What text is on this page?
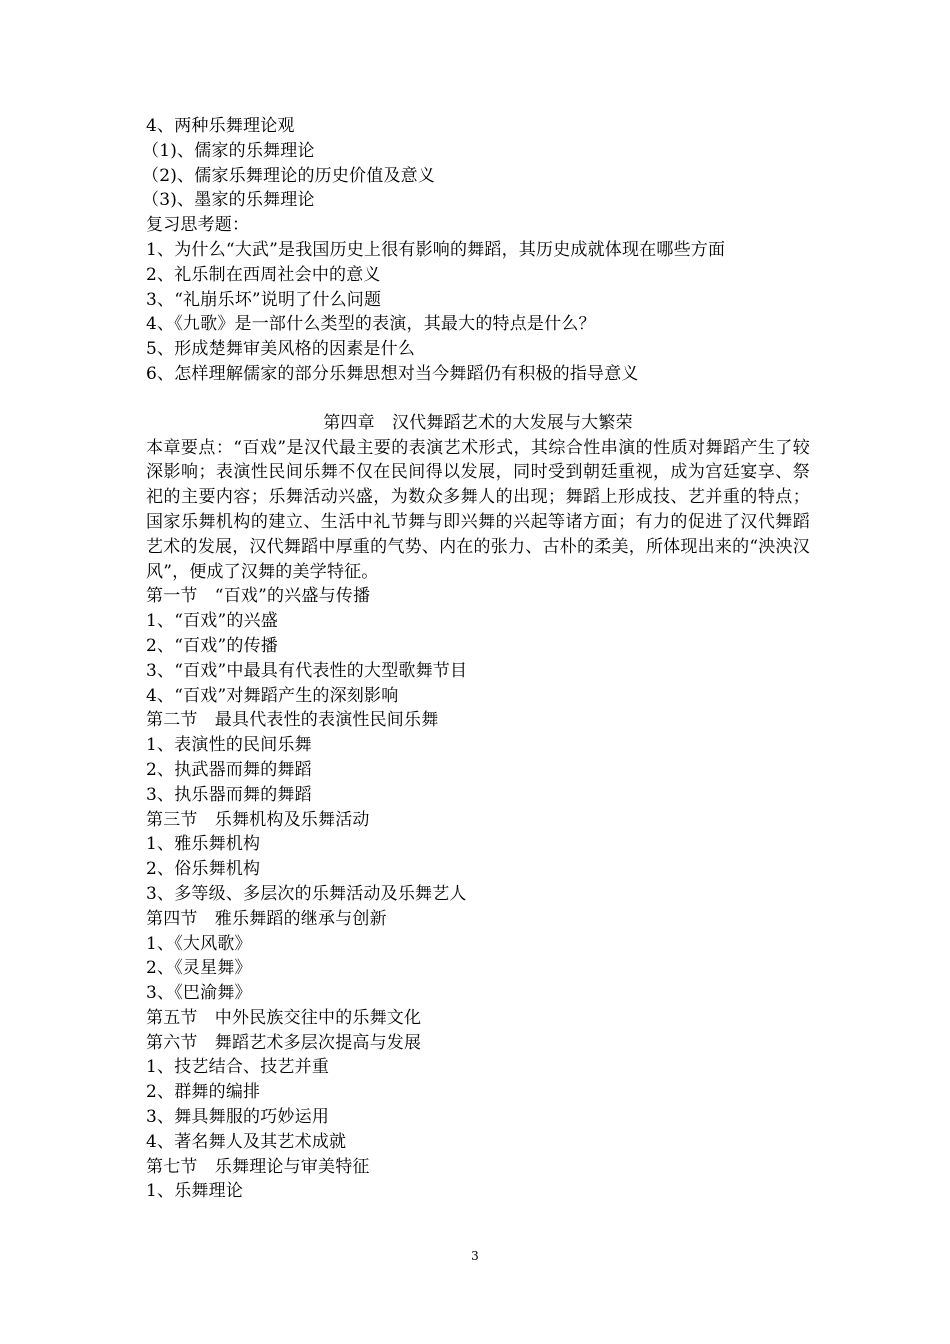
4、两种乐舞理论观
（1)、儒家的乐舞理论
（2)、儒家乐舞理论的历史价值及意义
（3)、墨家的乐舞理论
复习思考题：
1、为什么“大武”是我国历史上很有影响的舞蹈，其历史成就体现在哪些方面
2、礼乐制在西周社会中的意义
3、“礼崩乐坏”说明了什么问题
4、《九歌》是一部什么类型的表演，其最大的特点是什么？
5、形成楚舞审美风格的因素是什么
6、怎样理解儒家的部分乐舞思想对当今舞蹈仍有积极的指导意义
第四章　汉代舞蹈艺术的大发展与大繁荣
本章要点：“百戏”是汉代最主要的表演艺术形式，其综合性串演的性质对舞蹈产生了较深影响；表演性民间乐舞不仅在民间得以发展，同时受到朝廷重视，成为宫廷宴享、祭祀的主要内容；乐舞活动兴盛，为数众多舞人的出现；舞蹈上形成技、艺并重的特点；国家乐舞机构的建立、生活中礼节舞与即兴舞的兴起等诸方面；有力的促进了汉代舞蹈艺术的发展，汉代舞蹈中厚重的气势、内在的张力、古朴的柔美，所体现出来的“泱泱汉风”，便成了汉舞的美学特征。
第一节　“百戏”的兴盛与传播
1、“百戏”的兴盛
2、“百戏”的传播
3、“百戏”中最具有代表性的大型歌舞节目
4、“百戏”对舞蹈产生的深刻影响
第二节　最具代表性的表演性民间乐舞
1、表演性的民间乐舞
2、执武器而舞的舞蹈
3、执乐器而舞的舞蹈
第三节　乐舞机构及乐舞活动
1、雅乐舞机构
2、俗乐舞机构
3、多等级、多层次的乐舞活动及乐舞艺人
第四节　雅乐舞蹈的继承与创新
1、《大风歌》
2、《灵星舞》
3、《巴渝舞》
第五节　中外民族交往中的乐舞文化
第六节　舞蹈艺术多层次提高与发展
1、技艺结合、技艺并重
2、群舞的编排
3、舞具舞服的巧妙运用
4、著名舞人及其艺术成就
第七节　乐舞理论与审美特征
1、乐舞理论
3
